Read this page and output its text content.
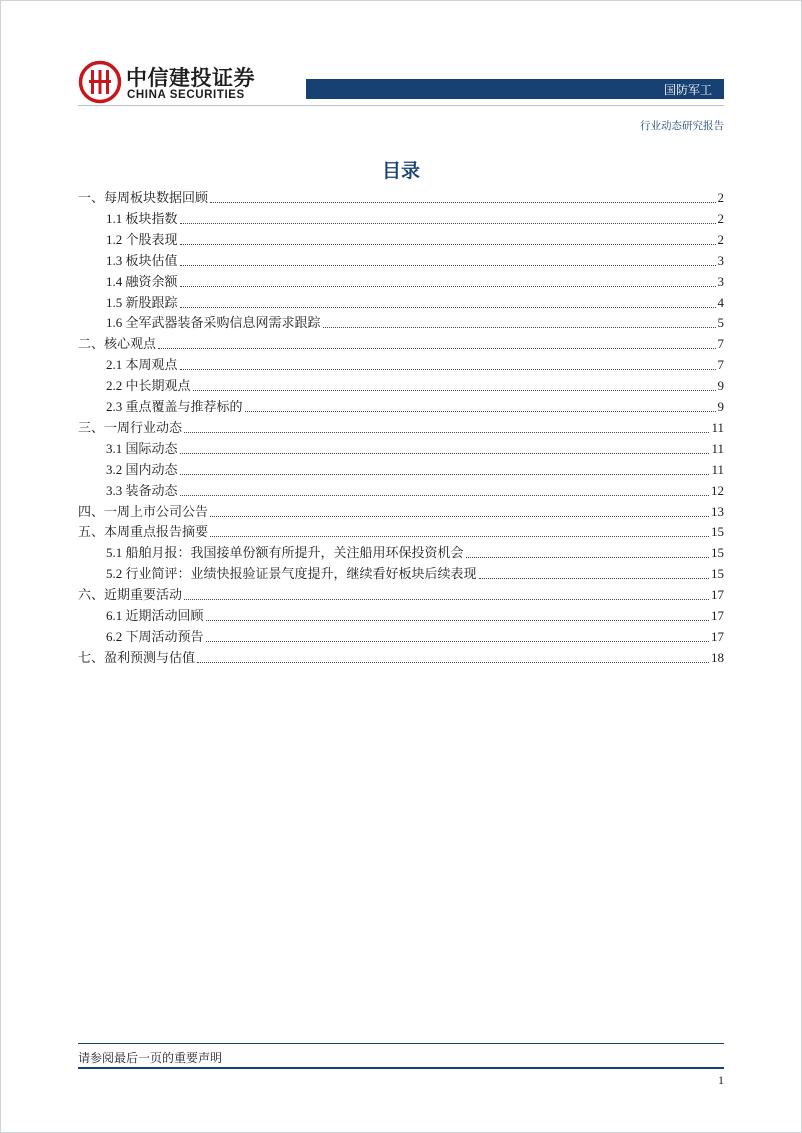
中信建投证券
CHINA SECURITIES	国防军工
行业动态研究报告
目录
一、每周板块数据回顾	2
1.1 板块指数	2
1.2 个股表现	2
1.3 板块估值	3
1.4 融资余额	3
1.5 新股跟踪	4
1.6 全军武器装备采购信息网需求跟踪	5
二、核心观点	7
2.1 本周观点	7
2.2 中长期观点	9
2.3 重点覆盖与推荐标的	9
三、一周行业动态	11
3.1 国际动态	11
3.2 国内动态	11
3.3 装备动态	12
四、一周上市公司公告	13
五、本周重点报告摘要	15
5.1 船舶月报：我国接单份额有所提升，关注船用环保投资机会	15
5.2 行业简评：业绩快报验证景气度提升，继续看好板块后续表现	15
六、近期重要活动	17
6.1 近期活动回顾	17
6.2 下周活动预告	17
七、盈利预测与估值	18
请参阅最后一页的重要声明
1
